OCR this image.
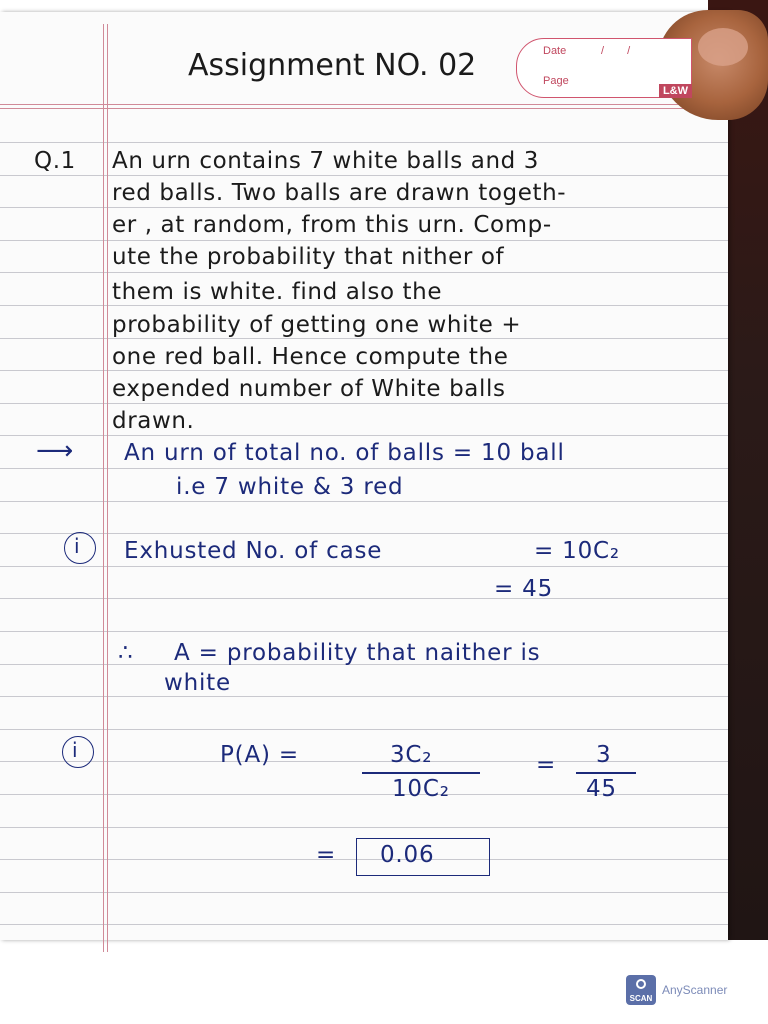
Assignment NO. 02	Date	/ /
Page
L&W
Q.1 An urn contains 7 white balls and 3
red balls. Two balls are drawn togeth-
er , at random, from this urn. Comp-
ute the probability that nither of
them is white. find also the
probability of getting one white +
one red ball. Hence compute the
expended number of White balls
drawn.
⟶ An urn of total no. of balls = 10 ball
i.e 7 white & 3 red
i Exhusted No. of case	= 10C₂
= 45
∴ A = probability that naither is
white
i	P(A) =	3C₂
10C₂
= 3
45
= 0.06
SCAN
AnyScanner
